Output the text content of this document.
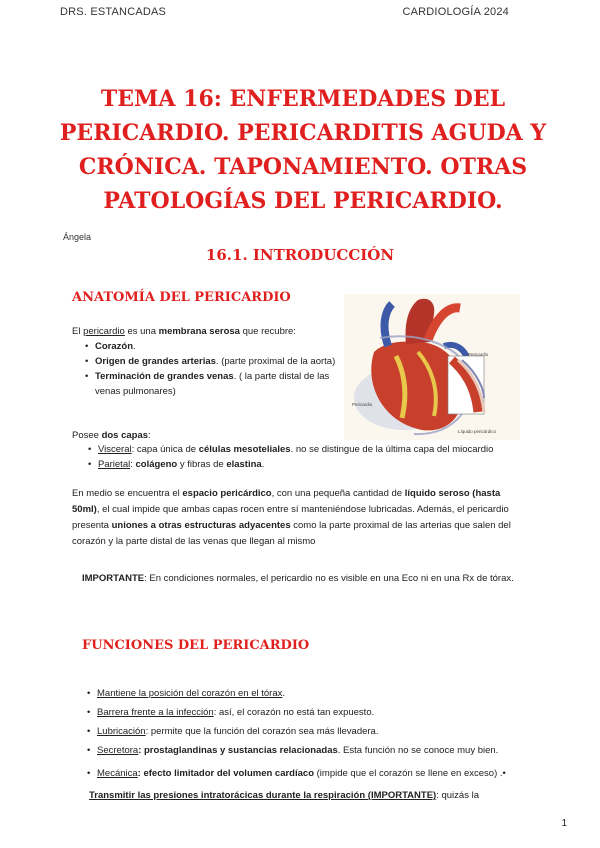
DRS. ESTANCADAS	CARDIOLOGÍA 2024
TEMA 16: ENFERMEDADES DEL PERICARDIO. PERICARDITIS AGUDA Y CRÓNICA. TAPONAMIENTO. OTRAS PATOLOGÍAS DEL PERICARDIO.
Ángela
16.1. INTRODUCCIÓN
ANATOMÍA DEL PERICARDIO
El pericardio es una membrana serosa que recubre:
• Corazón.
• Origen de grandes arterias. (parte proximal de la aorta)
• Terminación de grandes venas. ( la parte distal de las venas pulmonares)
Pericardio
Líquido pericárdico
Pericardio
Posee dos capas:
• Visceral: capa única de células mesoteliales. no se distingue de la última capa del miocardio
• Parietal: colágeno y fibras de elastina.

En medio se encuentra el espacio pericárdico, con una pequeña cantidad de líquido seroso (hasta 50ml), el cual impide que ambas capas rocen entre sí manteniéndose lubricadas. Además, el pericardio presenta uniones a otras estructuras adyacentes como la parte proximal de las arterias que salen del corazón y la parte distal de las venas que llegan al mismo

IMPORTANTE: En condiciones normales, el pericardio no es visible en una Eco ni en una Rx de tórax.

FUNCIONES DEL PERICARDIO
• Mantiene la posición del corazón en el tórax.
• Barrera frente a la infección: así, el corazón no está tan expuesto.
• Lubricación: permite que la función del corazón sea más llevadera.
• Secretora: prostaglandinas y sustancias relacionadas. Esta función no se conoce muy bien.
• Mecánica: efecto limitador del volumen cardíaco (impide que el corazón se llene en exceso) .•
Transmitir las presiones intratorácicas durante la respiración (IMPORTANTE): quizás la
1
